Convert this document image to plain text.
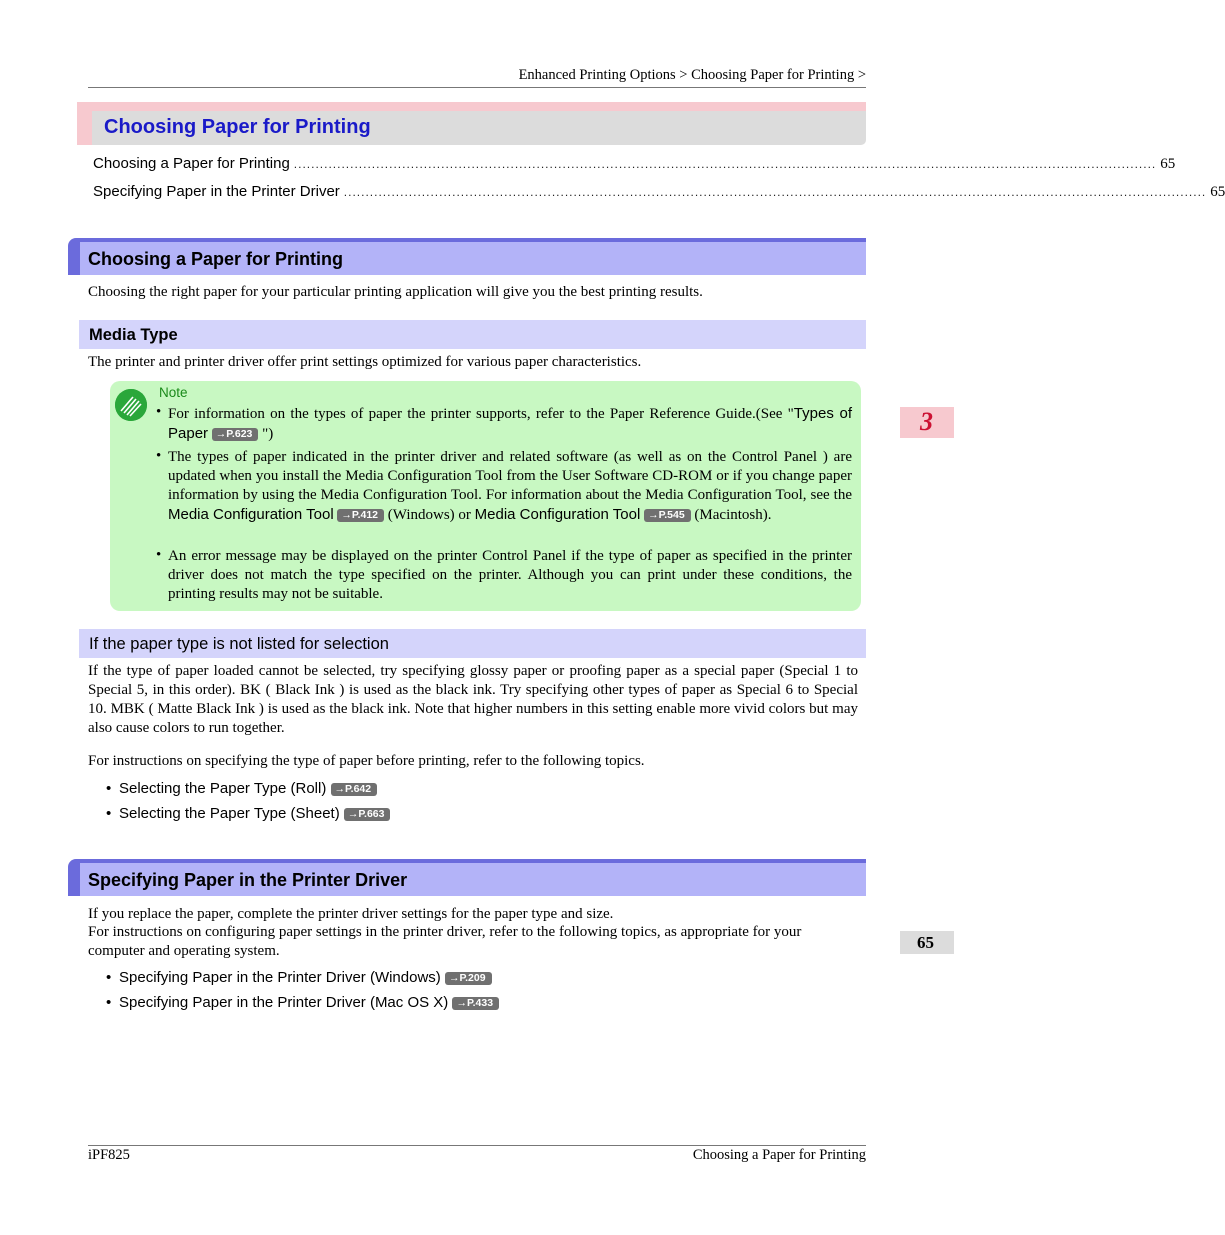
Enhanced Printing Options > Choosing Paper for Printing >
Choosing Paper for Printing
Choosing a Paper for Printing ....................................................................................................................................................................................................... 65
Specifying Paper in the Printer Driver ....................................................................................................................................................................................................... 65
Choosing a Paper for Printing
Choosing the right paper for your particular printing application will give you the best printing results.
Media Type
The printer and printer driver offer print settings optimized for various paper characteristics.
Note
• For information on the types of paper the printer supports, refer to the Paper Reference Guide.(See "Types of Paper →P.623 ")
• The types of paper indicated in the printer driver and related software (as well as on the Control Panel ) are updated when you install the Media Configuration Tool from the User Software CD-ROM or if you change paper information by using the Media Configuration Tool. For information about the Media Configuration Tool, see the Media Configuration Tool →P.412 (Windows) or Media Configuration Tool →P.545 (Macintosh).
• An error message may be displayed on the printer Control Panel if the type of paper as specified in the printer driver does not match the type specified on the printer. Although you can print under these conditions, the printing results may not be suitable.
If the paper type is not listed for selection
If the type of paper loaded cannot be selected, try specifying glossy paper or proofing paper as a special paper (Special 1 to Special 5, in this order). BK ( Black Ink ) is used as the black ink. Try specifying other types of paper as Special 6 to Special 10. MBK ( Matte Black Ink ) is used as the black ink. Note that higher numbers in this setting enable more vivid colors but may also cause colors to run together.
For instructions on specifying the type of paper before printing, refer to the following topics.
• Selecting the Paper Type (Roll) →P.642
• Selecting the Paper Type (Sheet) →P.663
Specifying Paper in the Printer Driver
If you replace the paper, complete the printer driver settings for the paper type and size.
For instructions on configuring paper settings in the printer driver, refer to the following topics, as appropriate for your computer and operating system.
• Specifying Paper in the Printer Driver (Windows) →P.209
• Specifying Paper in the Printer Driver (Mac OS X) →P.433
3
65
iPF825	Choosing a Paper for Printing
